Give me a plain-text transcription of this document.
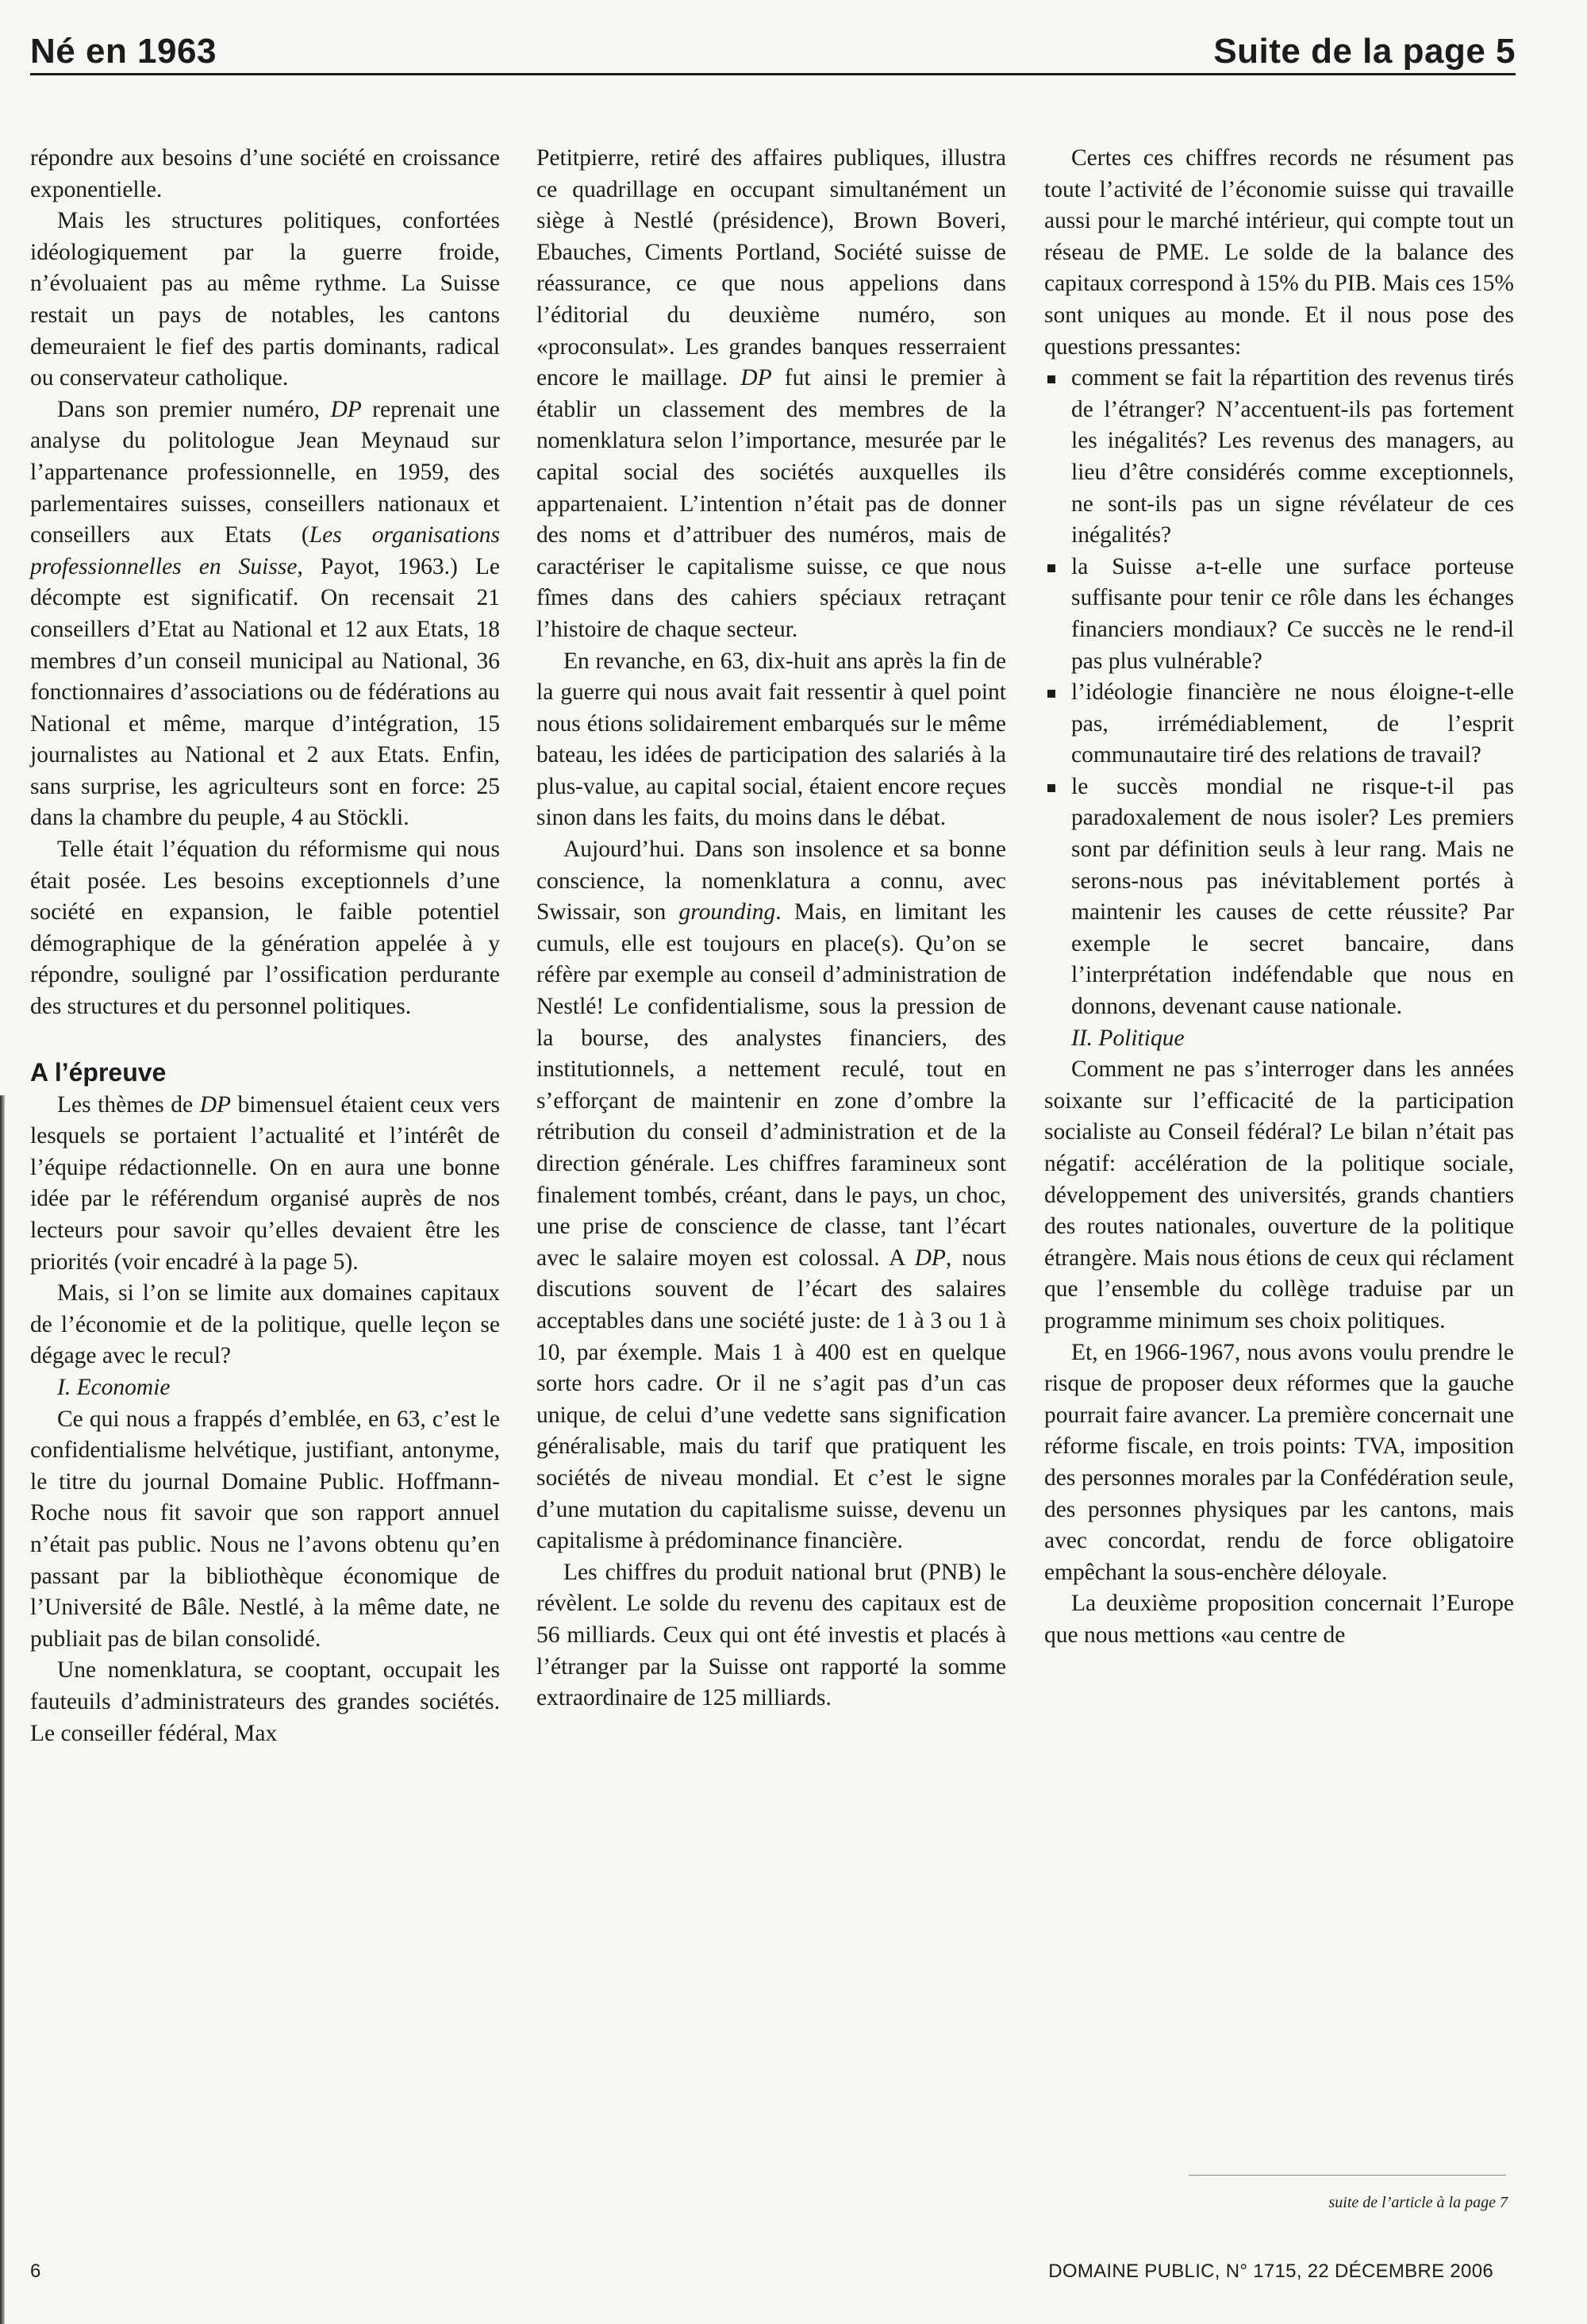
Né en 1963	Suite de la page 5

répondre aux besoins d’une société en croissance exponentielle.

Mais les structures politiques, confortées idéologiquement par la guerre froide, n’évoluaient pas au même rythme. La Suisse restait un pays de notables, les cantons demeuraient le fief des partis dominants, radical ou conservateur catholique.

Dans son premier numéro, DP reprenait une analyse du politologue Jean Meynaud sur l’appartenance professionnelle, en 1959, des parlementaires suisses, conseillers nationaux et conseillers aux Etats (Les organisations professionnelles en Suisse, Payot, 1963.) Le décompte est significatif. On recensait 21 conseillers d’Etat au National et 12 aux Etats, 18 membres d’un conseil municipal au National, 36 fonctionnaires d’associations ou de fédérations au National et même, marque d’intégration, 15 journalistes au National et 2 aux Etats. Enfin, sans surprise, les agriculteurs sont en force: 25 dans la chambre du peuple, 4 au Stöckli.

Telle était l’équation du réformisme qui nous était posée. Les besoins exceptionnels d’une société en expansion, le faible potentiel démographique de la génération appelée à y répondre, souligné par l’ossification perdurante des structures et du personnel politiques.

A l’épreuve

Les thèmes de DP bimensuel étaient ceux vers lesquels se portaient l’actualité et l’intérêt de l’équipe rédactionnelle. On en aura une bonne idée par le référendum organisé auprès de nos lecteurs pour savoir qu’elles devaient être les priorités (voir encadré à la page 5).

Mais, si l’on se limite aux domaines capitaux de l’économie et de la politique, quelle leçon se dégage avec le recul?

I. Economie

Ce qui nous a frappés d’emblée, en 63, c’est le confidentialisme helvétique, justifiant, antonyme, le titre du journal Domaine Public. Hoffmann-Roche nous fit savoir que son rapport annuel n’était pas public. Nous ne l’avons obtenu qu’en passant par la bibliothèque économique de l’Université de Bâle. Nestlé, à la même date, ne publiait pas de bilan consolidé.

Une nomenklatura, se cooptant, occupait les fauteuils d’administrateurs des grandes sociétés. Le conseiller fédéral, Max

Petitpierre, retiré des affaires publiques, illustra ce quadrillage en occupant simultanément un siège à Nestlé (présidence), Brown Boveri, Ebauches, Ciments Portland, Société suisse de réassurance, ce que nous appelions dans l’éditorial du deuxième numéro, son «proconsulat». Les grandes banques resserraient encore le maillage. DP fut ainsi le premier à établir un classement des membres de la nomenklatura selon l’importance, mesurée par le capital social des sociétés auxquelles ils appartenaient. L’intention n’était pas de donner des noms et d’attribuer des numéros, mais de caractériser le capitalisme suisse, ce que nous fîmes dans des cahiers spéciaux retraçant l’histoire de chaque secteur.

En revanche, en 63, dix-huit ans après la fin de la guerre qui nous avait fait ressentir à quel point nous étions solidairement embarqués sur le même bateau, les idées de participation des salariés à la plus-value, au capital social, étaient encore reçues sinon dans les faits, du moins dans le débat.

Aujourd’hui. Dans son insolence et sa bonne conscience, la nomenklatura a connu, avec Swissair, son grounding. Mais, en limitant les cumuls, elle est toujours en place(s). Qu’on se réfère par exemple au conseil d’administration de Nestlé! Le confidentialisme, sous la pression de la bourse, des analystes financiers, des institutionnels, a nettement reculé, tout en s’efforçant de maintenir en zone d’ombre la rétribution du conseil d’administration et de la direction générale. Les chiffres faramineux sont finalement tombés, créant, dans le pays, un choc, une prise de conscience de classe, tant l’écart avec le salaire moyen est colossal. A DP, nous discutions souvent de l’écart des salaires acceptables dans une société juste: de 1 à 3 ou 1 à 10, par éxemple. Mais 1 à 400 est en quelque sorte hors cadre. Or il ne s’agit pas d’un cas unique, de celui d’une vedette sans signification généralisable, mais du tarif que pratiquent les sociétés de niveau mondial. Et c’est le signe d’une mutation du capitalisme suisse, devenu un capitalisme à prédominance financière.

Les chiffres du produit national brut (PNB) le révèlent. Le solde du revenu des capitaux est de 56 milliards. Ceux qui ont été investis et placés à l’étranger par la Suisse ont rapporté la somme extraordinaire de 125 milliards.

Certes ces chiffres records ne résument pas toute l’activité de l’économie suisse qui travaille aussi pour le marché intérieur, qui compte tout un réseau de PME. Le solde de la balance des capitaux correspond à 15% du PIB. Mais ces 15% sont uniques au monde. Et il nous pose des questions pressantes:

comment se fait la répartition des revenus tirés de l’étranger? N’accentuent-ils pas fortement les inégalités? Les revenus des managers, au lieu d’être considérés comme exceptionnels, ne sont-ils pas un signe révélateur de ces inégalités?
la Suisse a-t-elle une surface porteuse suffisante pour tenir ce rôle dans les échanges financiers mondiaux? Ce succès ne le rend-il pas plus vulnérable?
l’idéologie financière ne nous éloigne-t-elle pas, irrémédiablement, de l’esprit communautaire tiré des relations de travail?
le succès mondial ne risque-t-il pas paradoxalement de nous isoler? Les premiers sont par définition seuls à leur rang. Mais ne serons-nous pas inévitablement portés à maintenir les causes de cette réussite? Par exemple le secret bancaire, dans l’interprétation indéfendable que nous en donnons, devenant cause nationale.

II. Politique

Comment ne pas s’interroger dans les années soixante sur l’efficacité de la participation socialiste au Conseil fédéral? Le bilan n’était pas négatif: accélération de la politique sociale, développement des universités, grands chantiers des routes nationales, ouverture de la politique étrangère. Mais nous étions de ceux qui réclament que l’ensemble du collège traduise par un programme minimum ses choix politiques.

Et, en 1966-1967, nous avons voulu prendre le risque de proposer deux réformes que la gauche pourrait faire avancer. La première concernait une réforme fiscale, en trois points: TVA, imposition des personnes morales par la Confédération seule, des personnes physiques par les cantons, mais avec concordat, rendu de force obligatoire empêchant la sous-enchère déloyale.

La deuxième proposition concernait l’Europe que nous mettions «au centre de

suite de l’article à la page 7
6	DOMAINE PUBLIC, N° 1715, 22 DÉCEMBRE 2006
